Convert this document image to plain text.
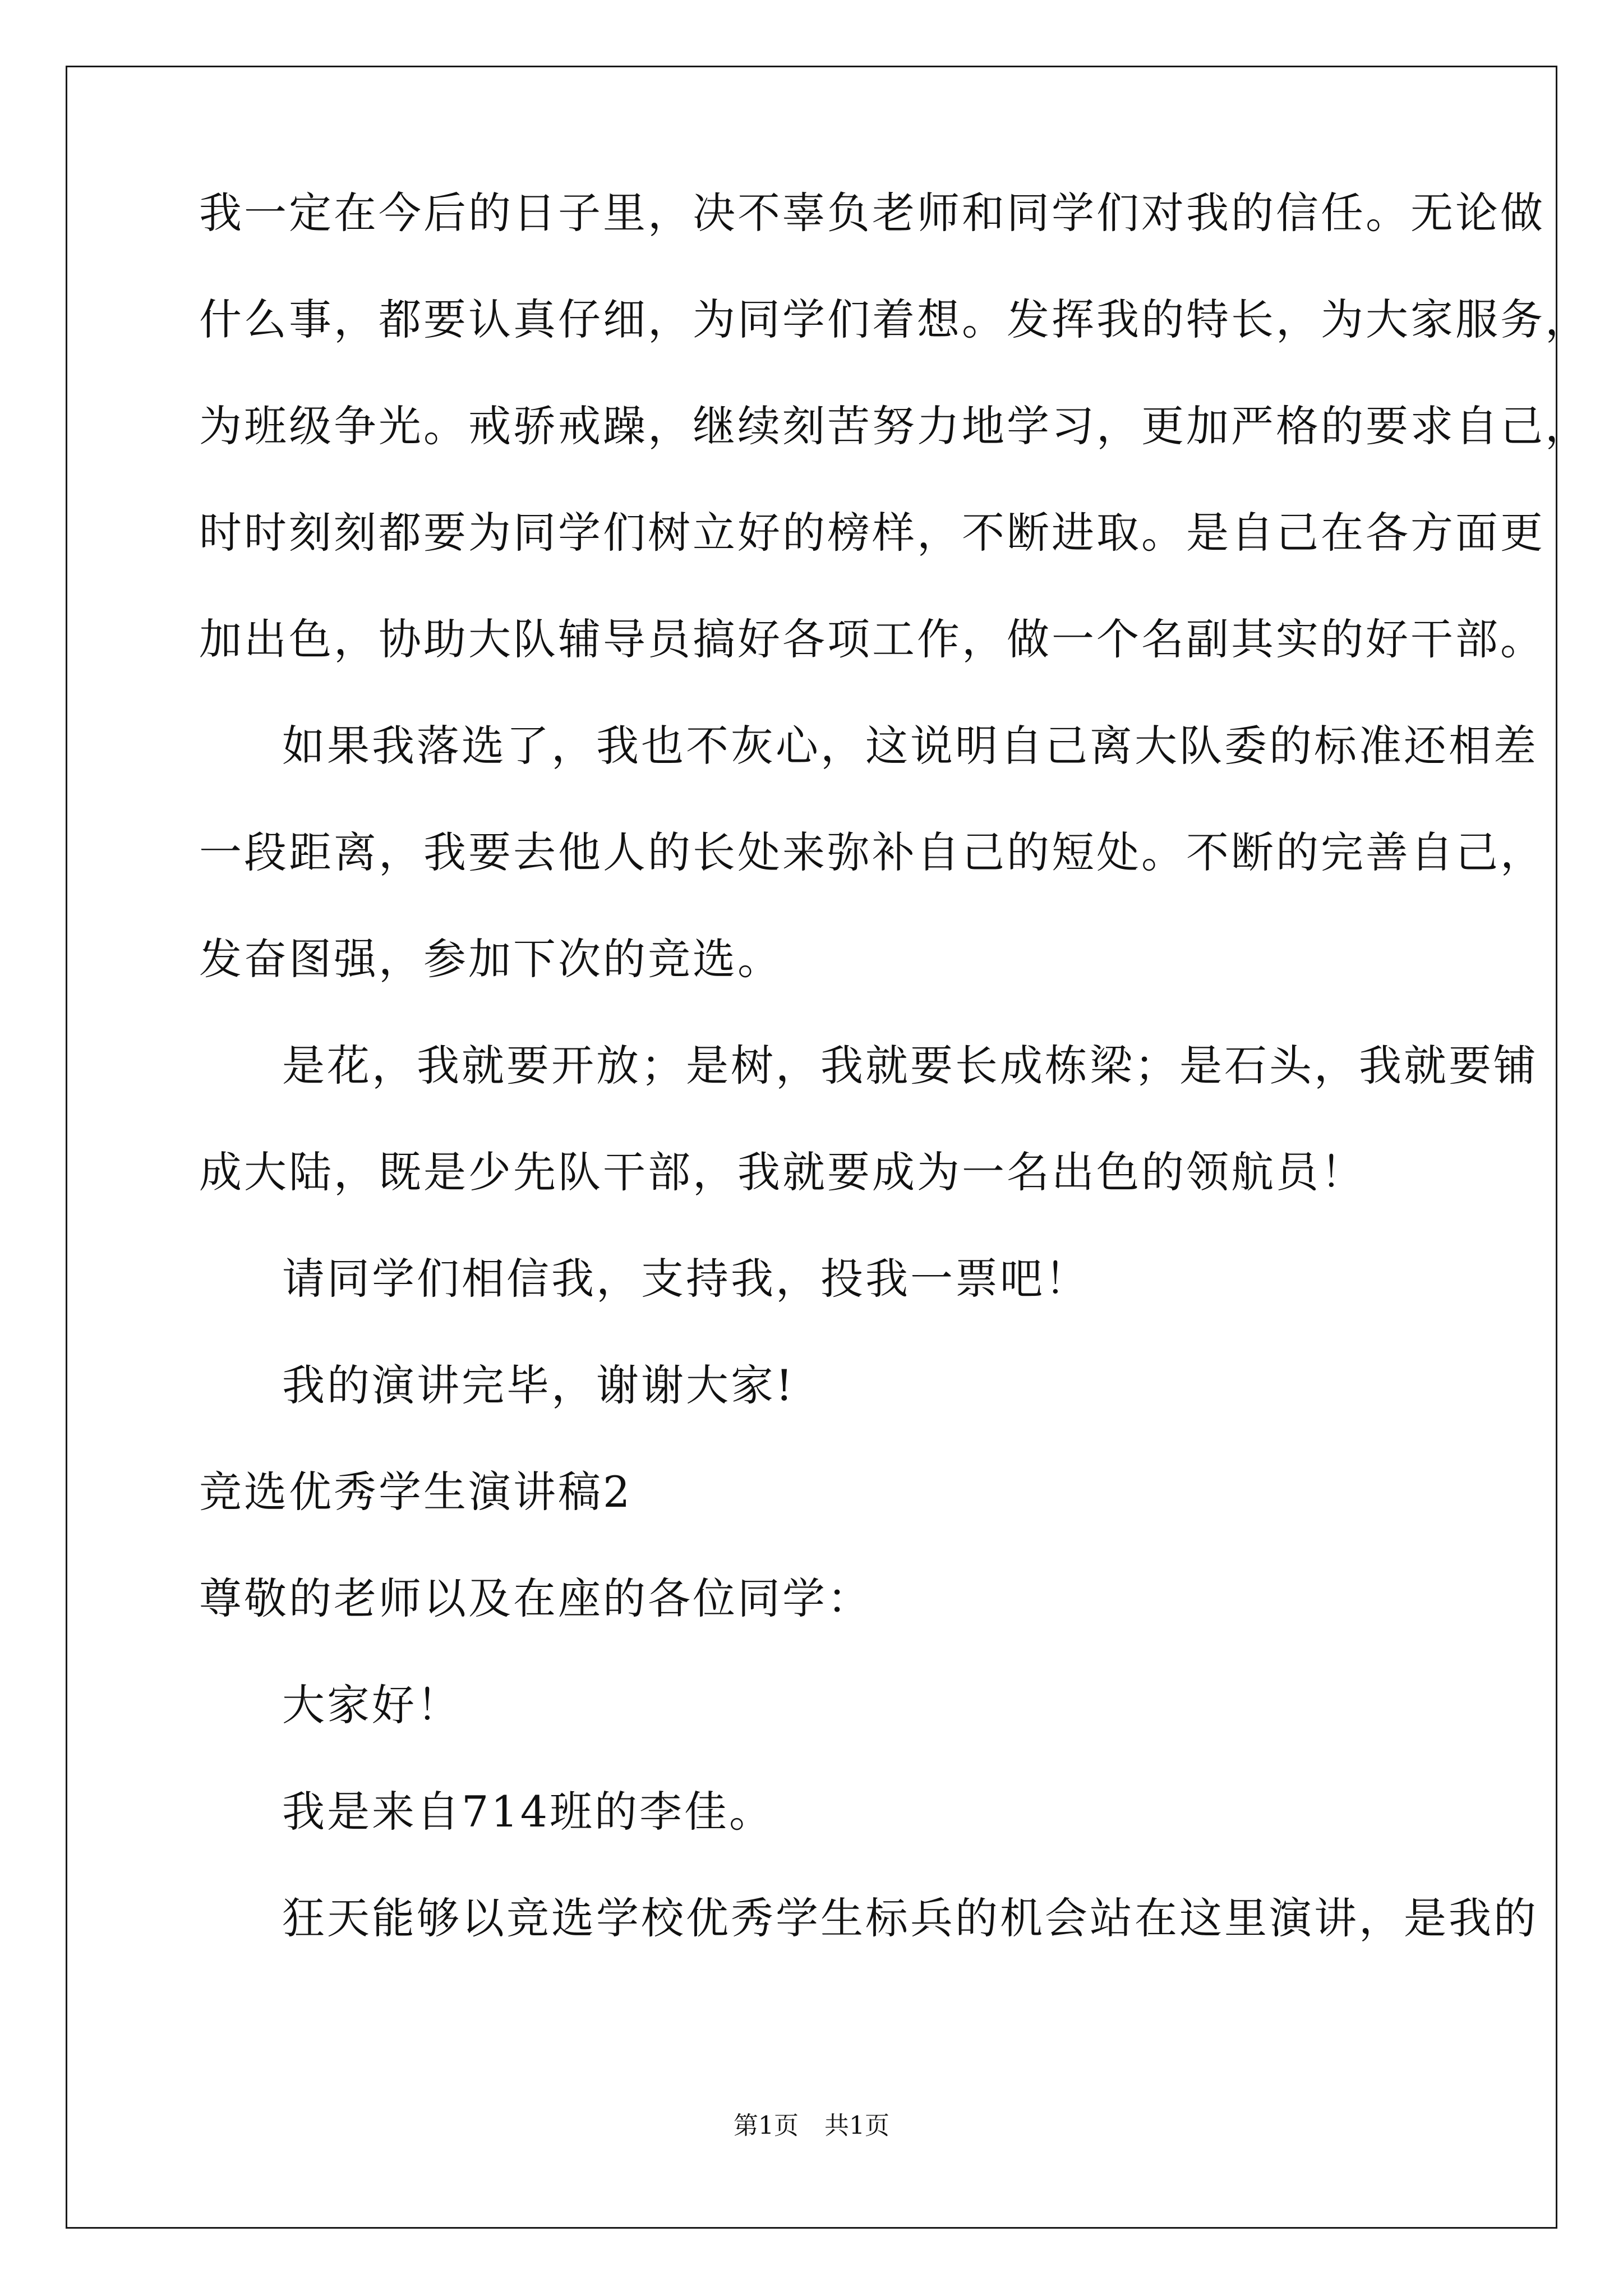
我一定在今后的日子里，决不辜负老师和同学们对我的信任。无论做
什么事，都要认真仔细，为同学们着想。发挥我的特长，为大家服务，
为班级争光。戒骄戒躁，继续刻苦努力地学习，更加严格的要求自己，
时时刻刻都要为同学们树立好的榜样，不断进取。是自己在各方面更
加出色，协助大队辅导员搞好各项工作，做一个名副其实的好干部。
如果我落选了，我也不灰心，这说明自己离大队委的标准还相差
一段距离，我要去他人的长处来弥补自己的短处。不断的完善自己，
发奋图强，参加下次的竞选。
是花，我就要开放；是树，我就要长成栋梁；是石头，我就要铺
成大陆，既是少先队干部，我就要成为一名出色的领航员！
请同学们相信我，支持我，投我一票吧！
我的演讲完毕，谢谢大家!
竞选优秀学生演讲稿2
尊敬的老师以及在座的各位同学：
大家好！
我是来自714班的李佳。
狂天能够以竞选学校优秀学生标兵的机会站在这里演讲，是我的
第1页 共1页
